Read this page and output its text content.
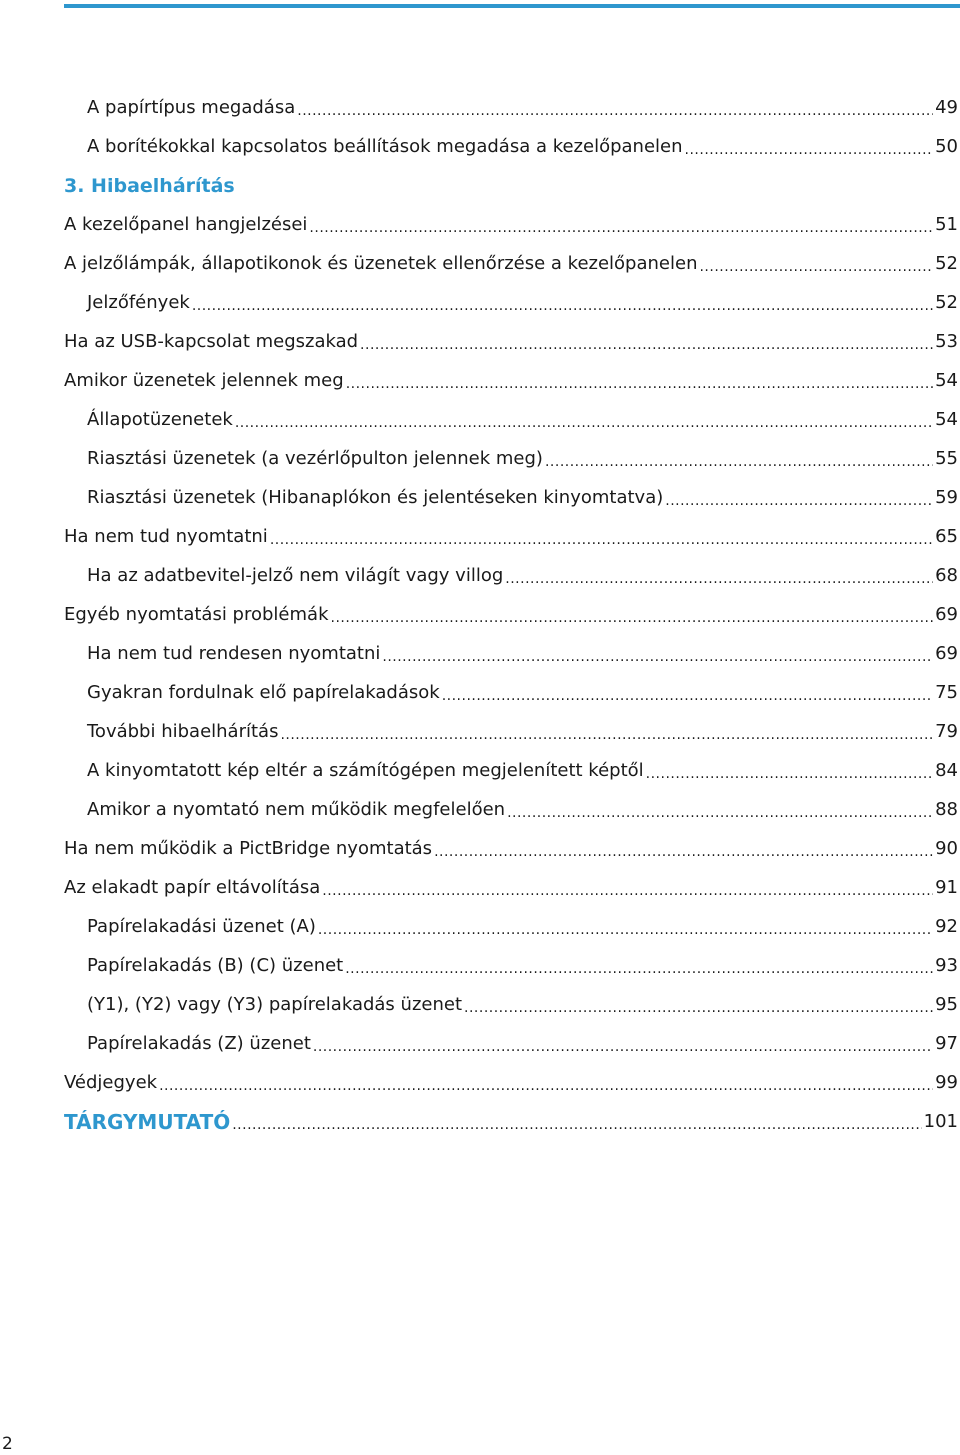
A papírtípus megadása .....	49
A borítékokkal kapcsolatos beállítások megadása a kezelőpanelen .....	50
3. Hibaelhárítás
A kezelőpanel hangjelzései .....	51
A jelzőlámpák, állapotikonok és üzenetek ellenőrzése a kezelőpanelen .....	52
Jelzőfények .....	52
Ha az USB-kapcsolat megszakad .....	53
Amikor üzenetek jelennek meg .....	54
Állapotüzenetek .....	54
Riasztási üzenetek (a vezérlőpulton jelennek meg) .....	55
Riasztási üzenetek (Hibanaplókon és jelentéseken kinyomtatva) .....	59
Ha nem tud nyomtatni .....	65
Ha az adatbevitel-jelző nem világít vagy villog .....	68
Egyéb nyomtatási problémák .....	69
Ha nem tud rendesen nyomtatni .....	69
Gyakran fordulnak elő papírelakadások .....	75
További hibaelhárítás .....	79
A kinyomtatott kép eltér a számítógépen megjelenített képtől .....	84
Amikor a nyomtató nem működik megfelelően .....	88
Ha nem működik a PictBridge nyomtatás .....	90
Az elakadt papír eltávolítása .....	91
Papírelakadási üzenet (A) .....	92
Papírelakadás (B) (C) üzenet .....	93
(Y1), (Y2) vagy (Y3) papírelakadás üzenet .....	95
Papírelakadás (Z) üzenet .....	97
Védjegyek .....	99
TÁRGYMUTATÓ .....	101
2
